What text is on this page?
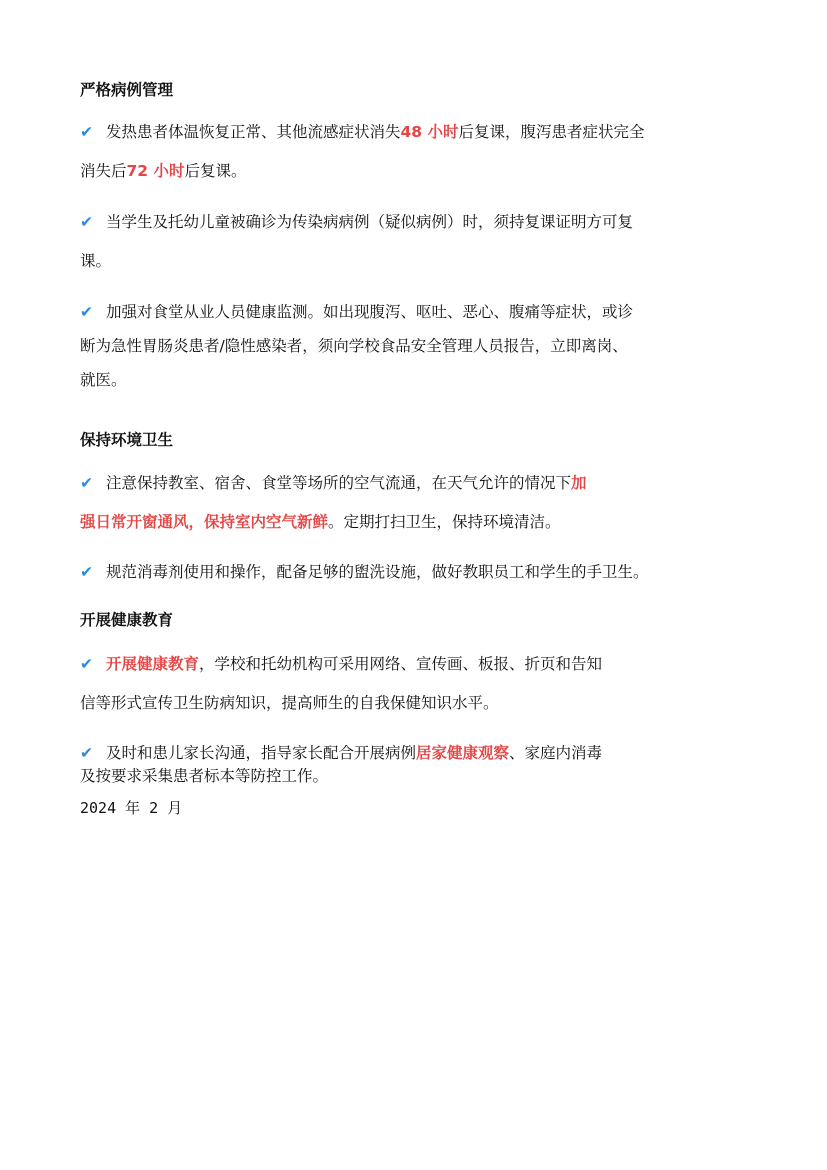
严格病例管理
✔ 发热患者体温恢复正常、其他流感症状消失48 小时后复课，腹泻患者症状完全
消失后72 小时后复课。
✔ 当学生及托幼儿童被确诊为传染病病例（疑似病例）时，须持复课证明方可复
课。
✔ 加强对食堂从业人员健康监测。如出现腹泻、呕吐、恶心、腹痛等症状，或诊
断为急性胃肠炎患者/隐性感染者，须向学校食品安全管理人员报告，立即离岗、
就医。
保持环境卫生
✔ 注意保持教室、宿舍、食堂等场所的空气流通，在天气允许的情况下加
强日常开窗通风，保持室内空气新鲜。定期打扫卫生，保持环境清洁。
✔ 规范消毒剂使用和操作，配备足够的盥洗设施，做好教职员工和学生的手卫生。
开展健康教育
✔ 开展健康教育，学校和托幼机构可采用网络、宣传画、板报、折页和告知
信等形式宣传卫生防病知识，提高师生的自我保健知识水平。
✔ 及时和患儿家长沟通，指导家长配合开展病例居家健康观察、家庭内消毒
及按要求采集患者标本等防控工作。
2024 年 2 月
